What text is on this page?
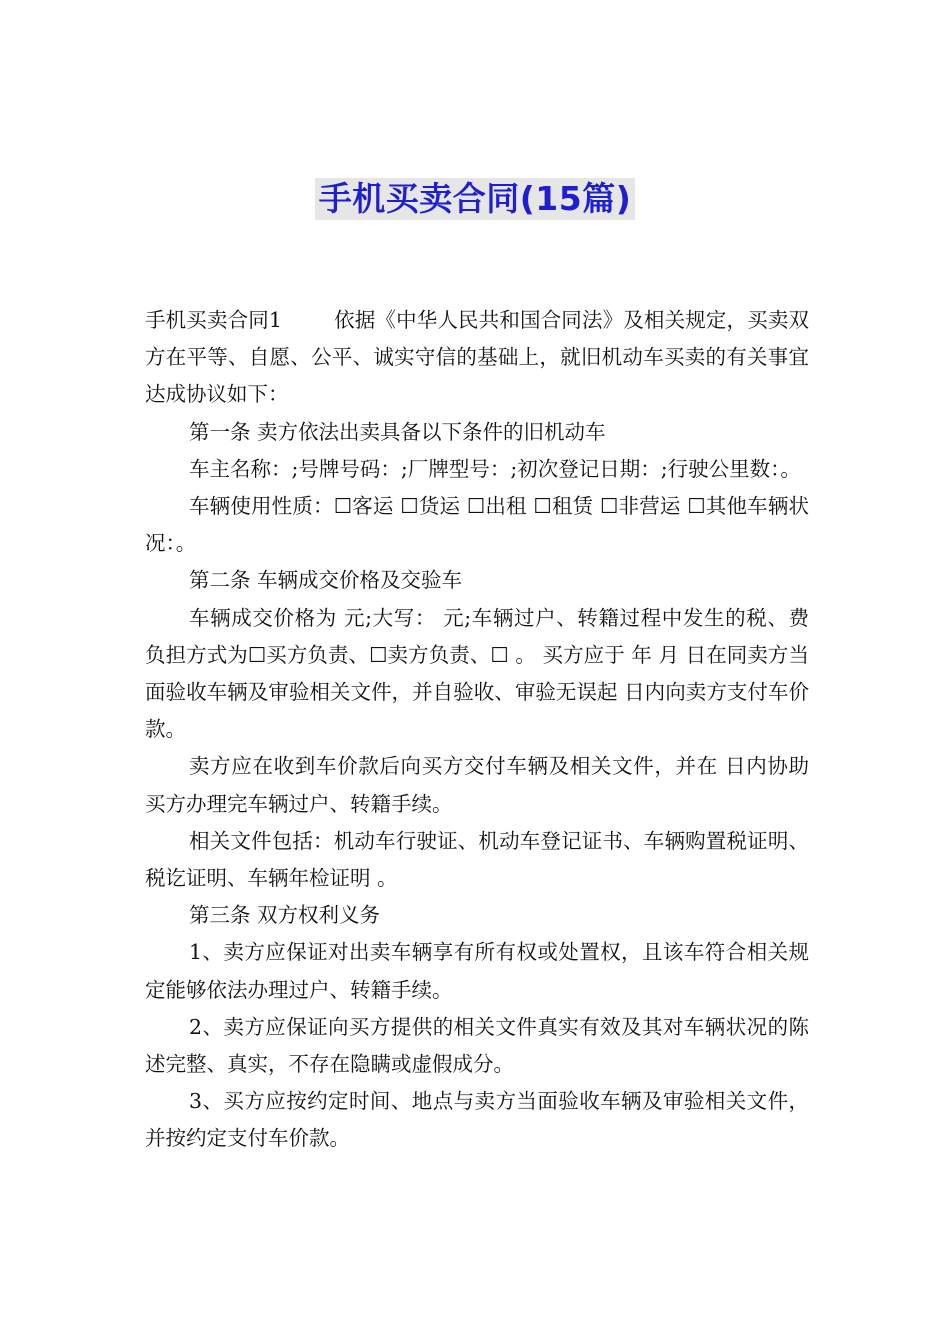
手机买卖合同(15篇)

手机买卖合同1	依据《中华人民共和国合同法》及相关规定，买卖双方在平等、自愿、公平、诚实守信的基础上，就旧机动车买卖的有关事宜达成协议如下：

第一条 卖方依法出卖具备以下条件的旧机动车

车主名称：;号牌号码：;厂牌型号：;初次登记日期：;行驶公里数：。

车辆使用性质：☐客运 ☐货运 ☐出租 ☐租赁 ☐非营运 ☐其他车辆状况：。

第二条 车辆成交价格及交验车

车辆成交价格为 元;大写： 元;车辆过户、转籍过程中发生的税、费负担方式为☐买方负责、☐卖方负责、☐ 。 买方应于 年 月 日在同卖方当面验收车辆及审验相关文件，并自验收、审验无误起 日内向卖方支付车价款。

卖方应在收到车价款后向买方交付车辆及相关文件，并在 日内协助买方办理完车辆过户、转籍手续。

相关文件包括：机动车行驶证、机动车登记证书、车辆购置税证明、税讫证明、车辆年检证明 。

第三条 双方权利义务

1、卖方应保证对出卖车辆享有所有权或处置权，且该车符合相关规定能够依法办理过户、转籍手续。

2、卖方应保证向买方提供的相关文件真实有效及其对车辆状况的陈述完整、真实，不存在隐瞒或虚假成分。

3、买方应按约定时间、地点与卖方当面验收车辆及审验相关文件，并按约定支付车价款。
